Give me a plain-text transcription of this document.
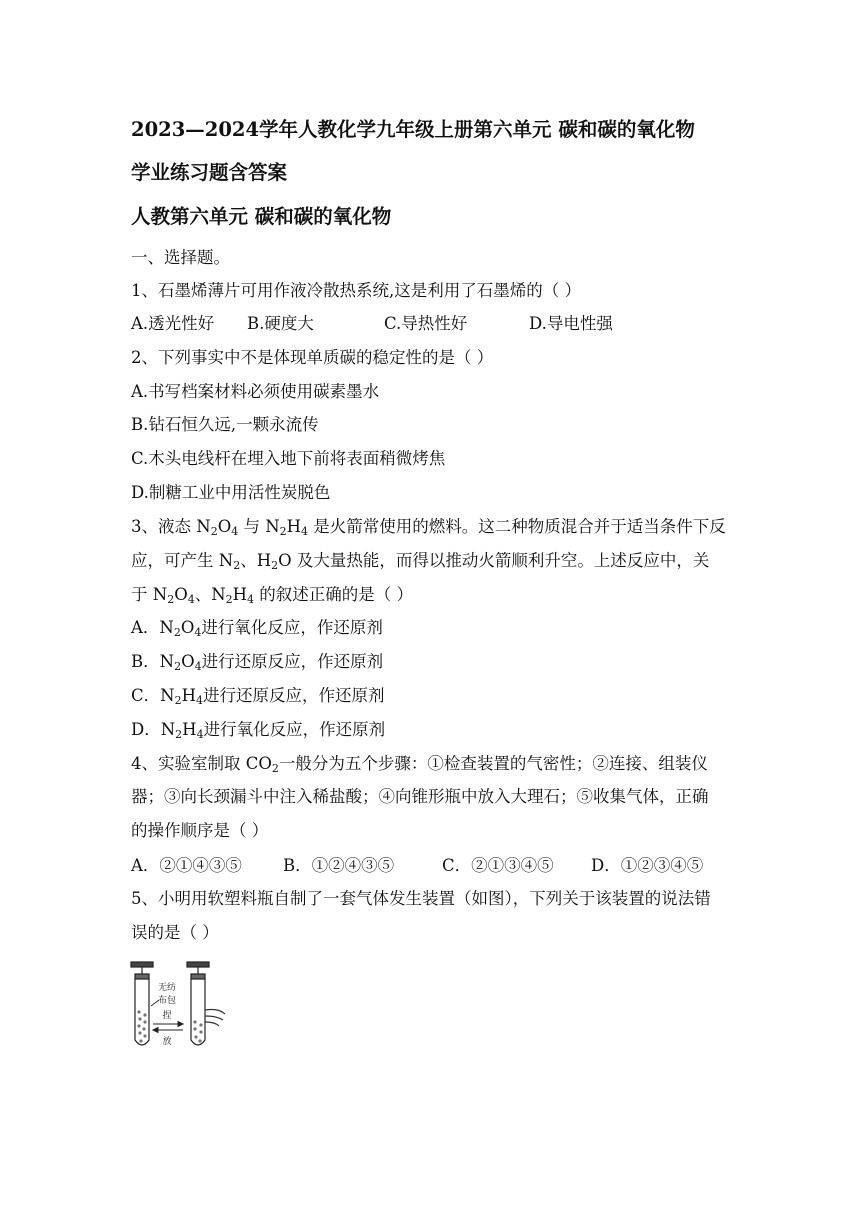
2023—2024学年人教化学九年级上册第六单元 碳和碳的氧化物
学业练习题含答案
人教第六单元 碳和碳的氧化物
一、选择题。
1、石墨烯薄片可用作液冷散热系统,这是利用了石墨烯的（ ）
A.透光性好 B.硬度大	C.导热性好	D.导电性强
2、下列事实中不是体现单质碳的稳定性的是（ ）
A.书写档案材料必须使用碳素墨水
B.钻石恒久远,一颗永流传
C.木头电线杆在埋入地下前将表面稍微烤焦
D.制糖工业中用活性炭脱色
3、液态 $N_2O_4$ 与 $N_2H_4$ 是火箭常使用的燃料。这二种物质混合并于适当条件下反
应，可产生 $N_2$、$H_2O$ 及大量热能，而得以推动火箭顺利升空。上述反应中，关
于 $N_2O_4$、$N_2H_4$ 的叙述正确的是（ ）
A．$N_2O_4$进行氧化反应，作还原剂
B．$N_2O_4$进行还原反应，作还原剂
C．$N_2H_4$进行还原反应，作还原剂
D．$N_2H_4$进行氧化反应，作还原剂
4、实验室制取 $CO_2$一般分为五个步骤：①检查装置的气密性；②连接、组装仪
器；③向长颈漏斗中注入稀盐酸；④向锥形瓶中放入大理石；⑤收集气体，正确
的操作顺序是（ ）
A．②①④③⑤ B．①②④③⑤	C．②①③④⑤ D．①②③④⑤
5、小明用软塑料瓶自制了一套气体发生装置（如图），下列关于该装置的说法错
误的是（ ）
无纺
布包
捏
放
